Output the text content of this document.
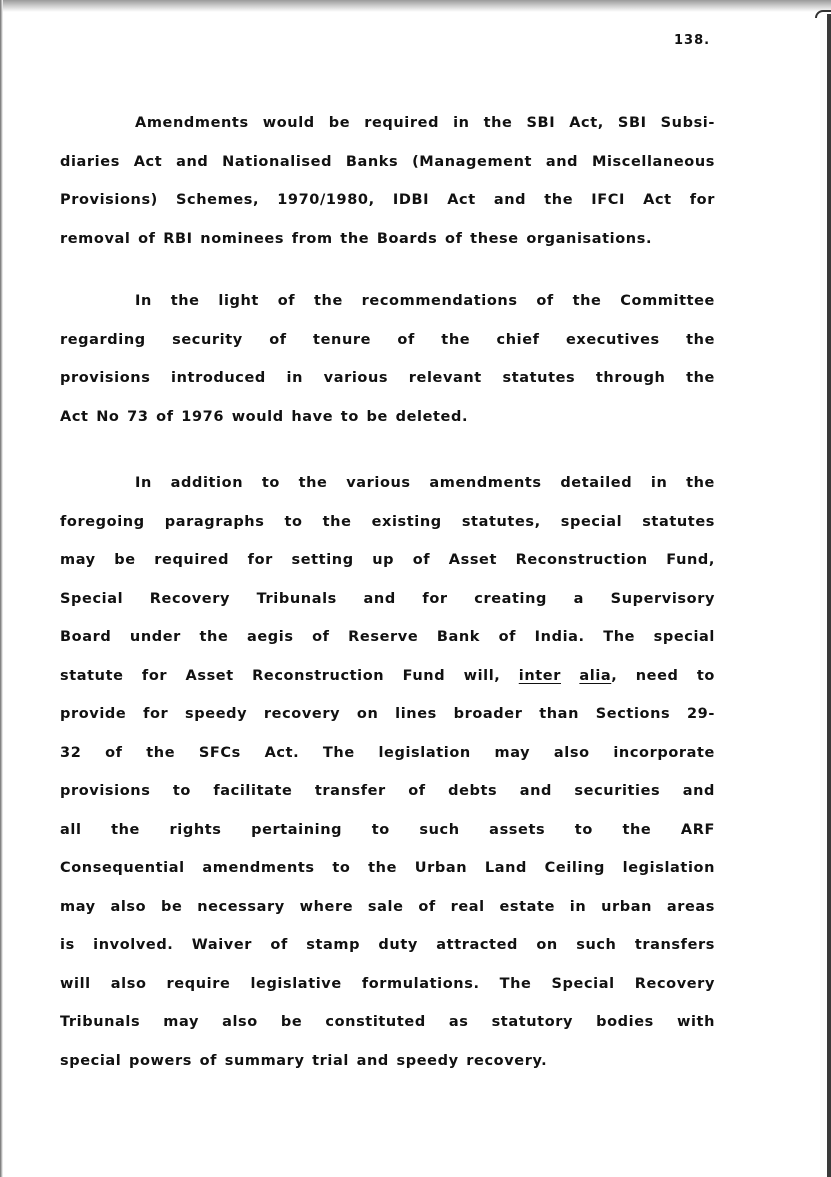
138.
Amendments would be required in the SBI Act, SBI Subsi-
diaries Act and Nationalised Banks (Management and Miscellaneous
Provisions) Schemes, 1970/1980, IDBI Act and the IFCI Act for
removal of RBI nominees from the Boards of these organisations.
In the light of the recommendations of the Committee
regarding security of tenure of the chief executives the
provisions introduced in various relevant statutes through the
Act No 73 of 1976 would have to be deleted.
In addition to the various amendments detailed in the
foregoing paragraphs to the existing statutes, special statutes
may be required for setting up of Asset Reconstruction Fund,
Special Recovery Tribunals and for creating a Supervisory
Board under the aegis of Reserve Bank of India. The special
statute for Asset Reconstruction Fund will, inter alia, need to
provide for speedy recovery on lines broader than Sections 29-
32 of the SFCs Act. The legislation may also incorporate
provisions to facilitate transfer of debts and securities and
all the rights pertaining to such assets to the ARF
Consequential amendments to the Urban Land Ceiling legislation
may also be necessary where sale of real estate in urban areas
is involved. Waiver of stamp duty attracted on such transfers
will also require legislative formulations. The Special Recovery
Tribunals may also be constituted as statutory bodies with
special powers of summary trial and speedy recovery.
